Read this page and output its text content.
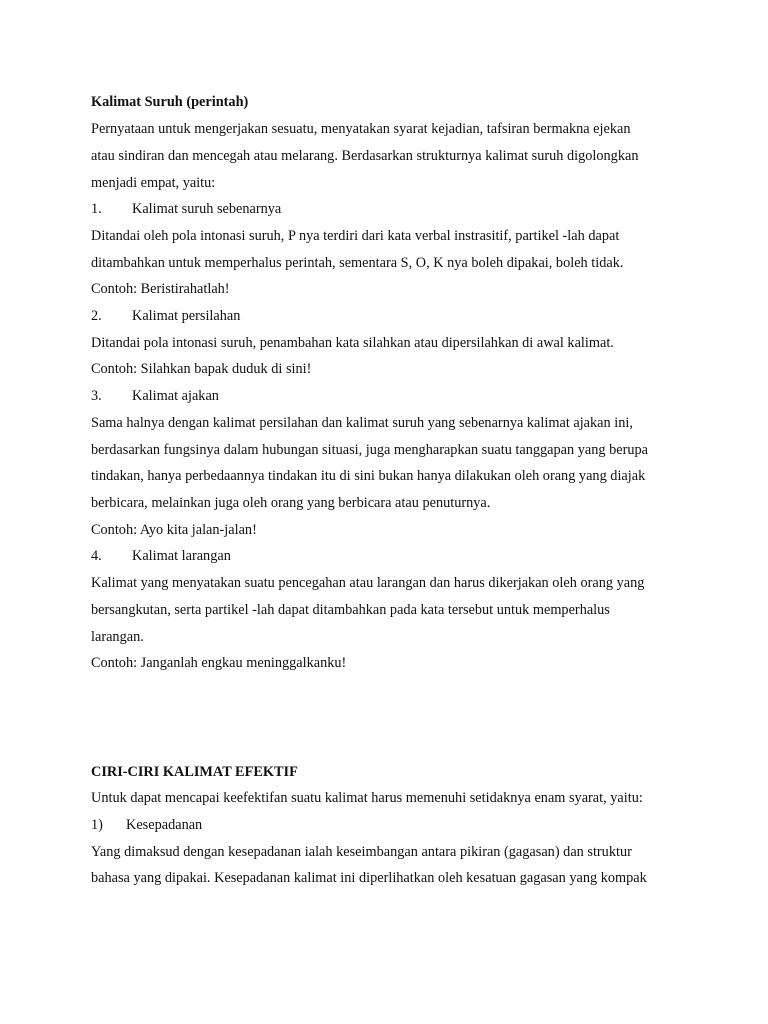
Kalimat Suruh (perintah)
Pernyataan untuk mengerjakan sesuatu, menyatakan syarat kejadian, tafsiran bermakna ejekan
atau sindiran dan mencegah atau melarang. Berdasarkan strukturnya kalimat suruh digolongkan
menjadi empat, yaitu:
1. Kalimat suruh sebenarnya
Ditandai oleh pola intonasi suruh, P nya terdiri dari kata verbal instrasitif, partikel -lah dapat
ditambahkan untuk memperhalus perintah, sementara S, O, K nya boleh dipakai, boleh tidak.
Contoh: Beristirahatlah!
2. Kalimat persilahan
Ditandai pola intonasi suruh, penambahan kata silahkan atau dipersilahkan di awal kalimat.
Contoh: Silahkan bapak duduk di sini!
3. Kalimat ajakan
Sama halnya dengan kalimat persilahan dan kalimat suruh yang sebenarnya kalimat ajakan ini,
berdasarkan fungsinya dalam hubungan situasi, juga mengharapkan suatu tanggapan yang berupa
tindakan, hanya perbedaannya tindakan itu di sini bukan hanya dilakukan oleh orang yang diajak
berbicara, melainkan juga oleh orang yang berbicara atau penuturnya.
Contoh: Ayo kita jalan-jalan!
4. Kalimat larangan
Kalimat yang menyatakan suatu pencegahan atau larangan dan harus dikerjakan oleh orang yang
bersangkutan, serta partikel -lah dapat ditambahkan pada kata tersebut untuk memperhalus
larangan.
Contoh: Janganlah engkau meninggalkanku!
CIRI-CIRI KALIMAT EFEKTIF
Untuk dapat mencapai keefektifan suatu kalimat harus memenuhi setidaknya enam syarat, yaitu:
1) Kesepadanan
Yang dimaksud dengan kesepadanan ialah keseimbangan antara pikiran (gagasan) dan struktur
bahasa yang dipakai. Kesepadanan kalimat ini diperlihatkan oleh kesatuan gagasan yang kompak
